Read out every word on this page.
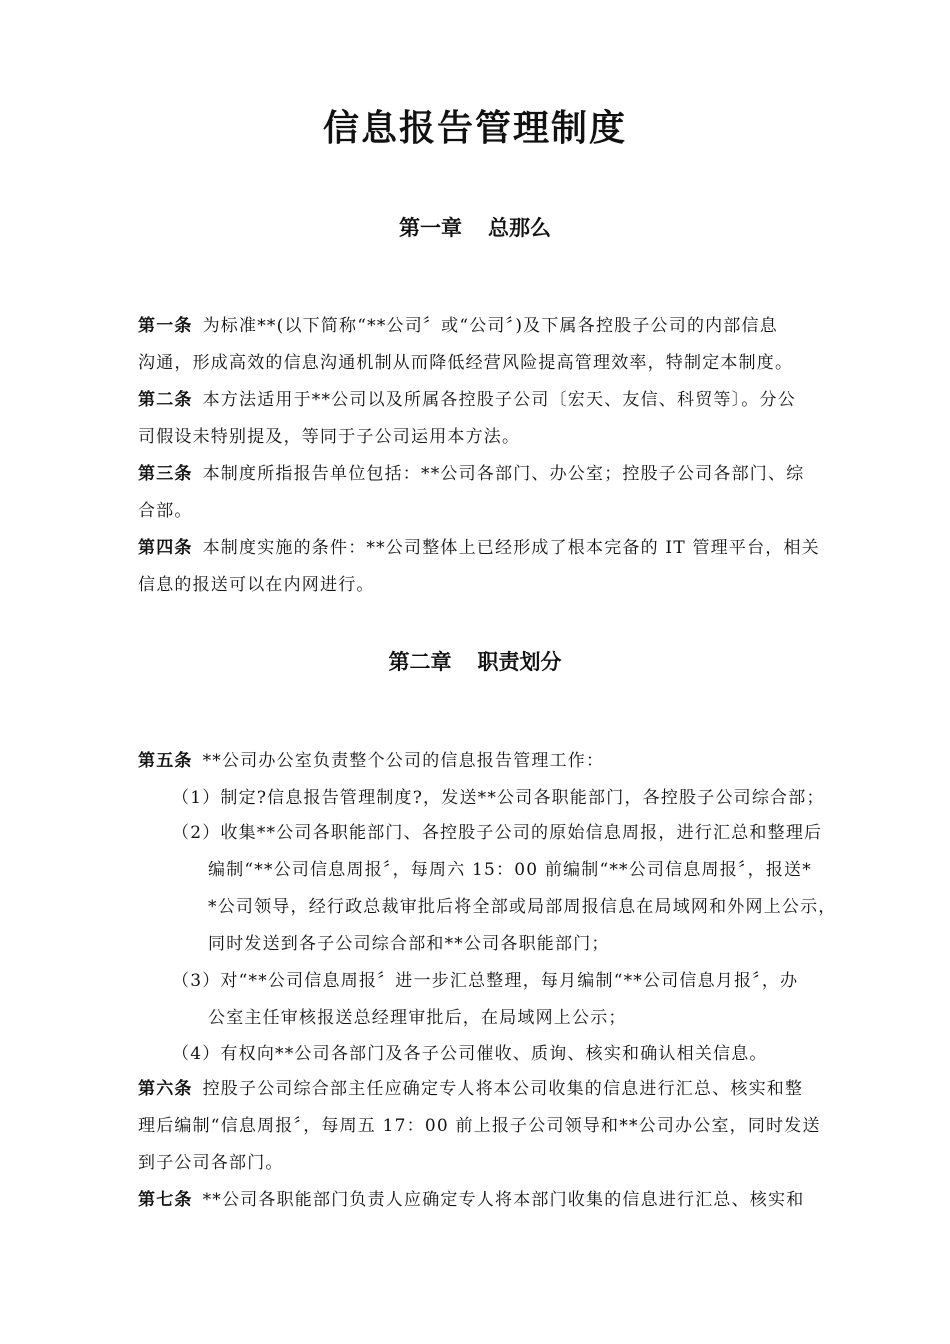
信息报告管理制度
第一章 总那么
第一条 为标准**(以下简称“**公司〞或“公司〞)及下属各控股子公司的内部信息
沟通，形成高效的信息沟通机制从而降低经营风险提高管理效率，特制定本制度。
第二条 本方法适用于**公司以及所属各控股子公司〔宏天、友信、科贸等〕。分公
司假设未特别提及，等同于子公司运用本方法。
第三条 本制度所指报告单位包括：**公司各部门、办公室；控股子公司各部门、综
合部。
第四条 本制度实施的条件：**公司整体上已经形成了根本完备的 IT 管理平台，相关
信息的报送可以在内网进行。
第二章 职责划分
第五条 **公司办公室负责整个公司的信息报告管理工作：
（1）制定?信息报告管理制度?，发送**公司各职能部门，各控股子公司综合部；
（2）收集**公司各职能部门、各控股子公司的原始信息周报，进行汇总和整理后
编制“**公司信息周报〞，每周六 15：00 前编制“**公司信息周报〞，报送*
*公司领导，经行政总裁审批后将全部或局部周报信息在局域网和外网上公示，
同时发送到各子公司综合部和**公司各职能部门；
（3）对“**公司信息周报〞进一步汇总整理，每月编制“**公司信息月报〞，办
公室主任审核报送总经理审批后，在局域网上公示；
（4）有权向**公司各部门及各子公司催收、质询、核实和确认相关信息。
第六条 控股子公司综合部主任应确定专人将本公司收集的信息进行汇总、核实和整
理后编制“信息周报〞，每周五 17：00 前上报子公司领导和**公司办公室，同时发送
到子公司各部门。
第七条 **公司各职能部门负责人应确定专人将本部门收集的信息进行汇总、核实和
